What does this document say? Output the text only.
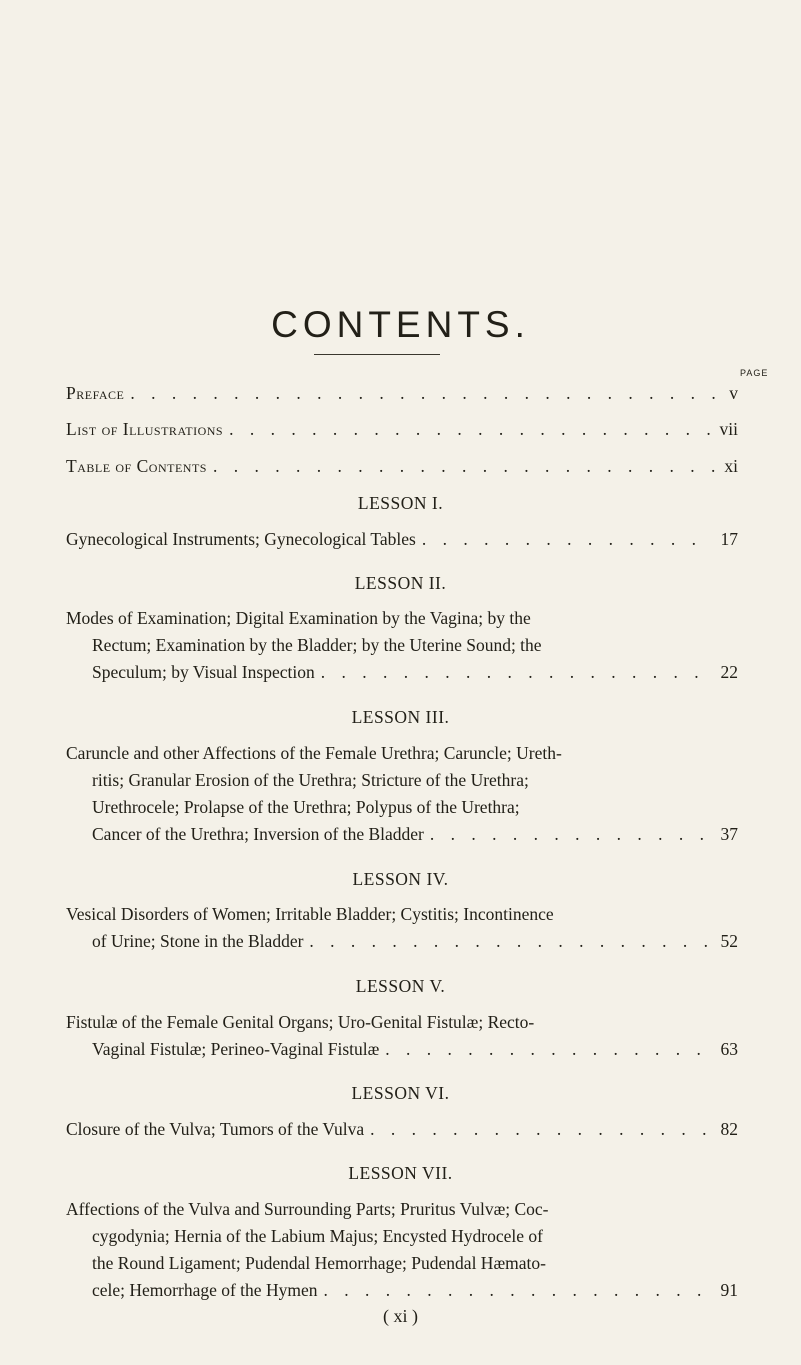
CONTENTS.
PAGE
Preface . . .	v
List of Illustrations . . .	vii
Table of Contents . . .	xi
LESSON I.
Gynecological Instruments; Gynecological Tables . . .	17
LESSON II.
Modes of Examination; Digital Examination by the Vagina; by the
Rectum; Examination by the Bladder; by the Uterine Sound; the
Speculum; by Visual Inspection . . .	22
LESSON III.
Caruncle and other Affections of the Female Urethra; Caruncle; Ureth-
ritis; Granular Erosion of the Urethra; Stricture of the Urethra;
Urethrocele; Prolapse of the Urethra; Polypus of the Urethra;
Cancer of the Urethra; Inversion of the Bladder . . .	37
LESSON IV.
Vesical Disorders of Women; Irritable Bladder; Cystitis; Incontinence
of Urine; Stone in the Bladder . . .	52
LESSON V.
Fistulæ of the Female Genital Organs; Uro-Genital Fistulæ; Recto-
Vaginal Fistulæ; Perineo-Vaginal Fistulæ . . .	63
LESSON VI.
Closure of the Vulva; Tumors of the Vulva . . .	82
LESSON VII.
Affections of the Vulva and Surrounding Parts; Pruritus Vulvæ; Coc-
cygodynia; Hernia of the Labium Majus; Encysted Hydrocele of
the Round Ligament; Pudendal Hemorrhage; Pudendal Hæmato-
cele; Hemorrhage of the Hymen . . .	91
( xi )
